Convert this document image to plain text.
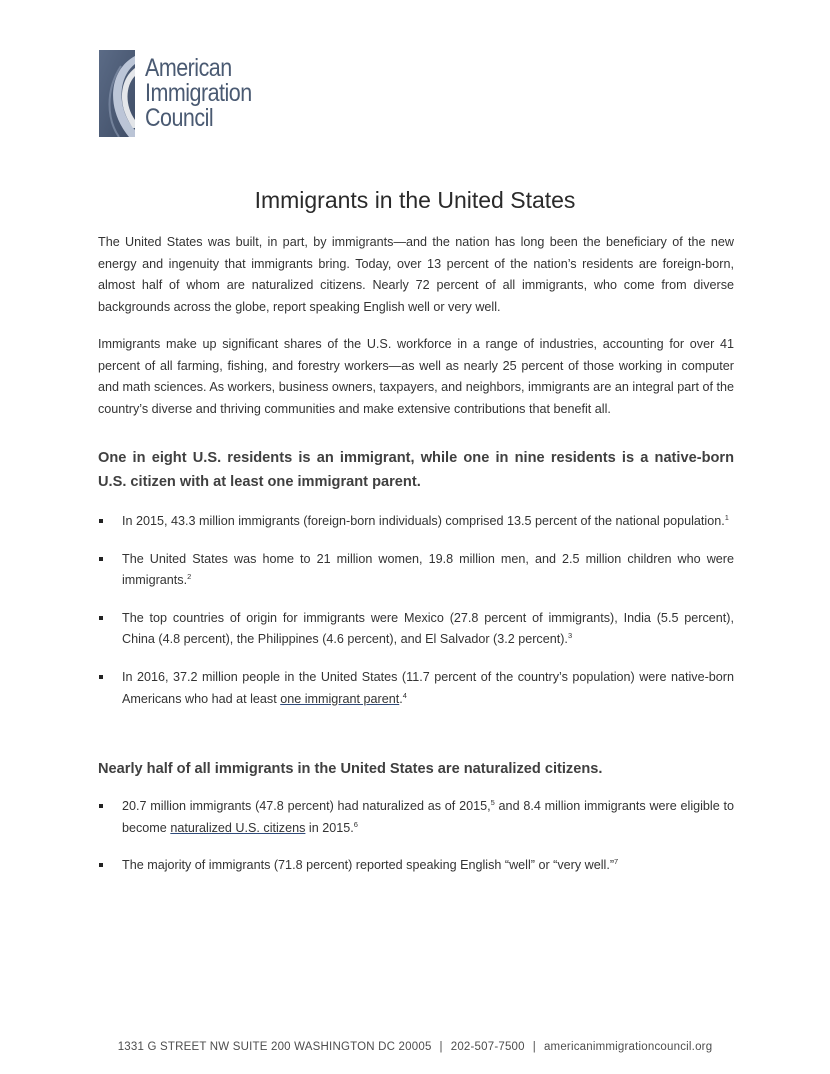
American
Immigration
Council
Immigrants in the United States

The United States was built, in part, by immigrants—and the nation has long been the beneficiary of the new energy and ingenuity that immigrants bring. Today, over 13 percent of the nation’s residents are foreign-born, almost half of whom are naturalized citizens. Nearly 72 percent of all immigrants, who come from diverse backgrounds across the globe, report speaking English well or very well.

Immigrants make up significant shares of the U.S. workforce in a range of industries, accounting for over 41 percent of all farming, fishing, and forestry workers—as well as nearly 25 percent of those working in computer and math sciences. As workers, business owners, taxpayers, and neighbors, immigrants are an integral part of the country’s diverse and thriving communities and make extensive contributions that benefit all.

One in eight U.S. residents is an immigrant, while one in nine residents is a native-born U.S. citizen with at least one immigrant parent.
In 2015, 43.3 million immigrants (foreign-born individuals) comprised 13.5 percent of the national population.$^1$
The United States was home to 21 million women, 19.8 million men, and 2.5 million children who were immigrants.$^2$
The top countries of origin for immigrants were Mexico (27.8 percent of immigrants), India (5.5 percent), China (4.8 percent), the Philippines (4.6 percent), and El Salvador (3.2 percent).$^3$
In 2016, 37.2 million people in the United States (11.7 percent of the country’s population) were native-born Americans who had at least one immigrant parent.$^4$
Nearly half of all immigrants in the United States are naturalized citizens.
20.7 million immigrants (47.8 percent) had naturalized as of 2015,$^5$ and 8.4 million immigrants were eligible to become naturalized U.S. citizens in 2015.$^6$
The majority of immigrants (71.8 percent) reported speaking English “well” or “very well.”$^7$
1331 G STREET NW SUITE 200 WASHINGTON DC 20005 | 202-507-7500 | americanimmigrationcouncil.org
